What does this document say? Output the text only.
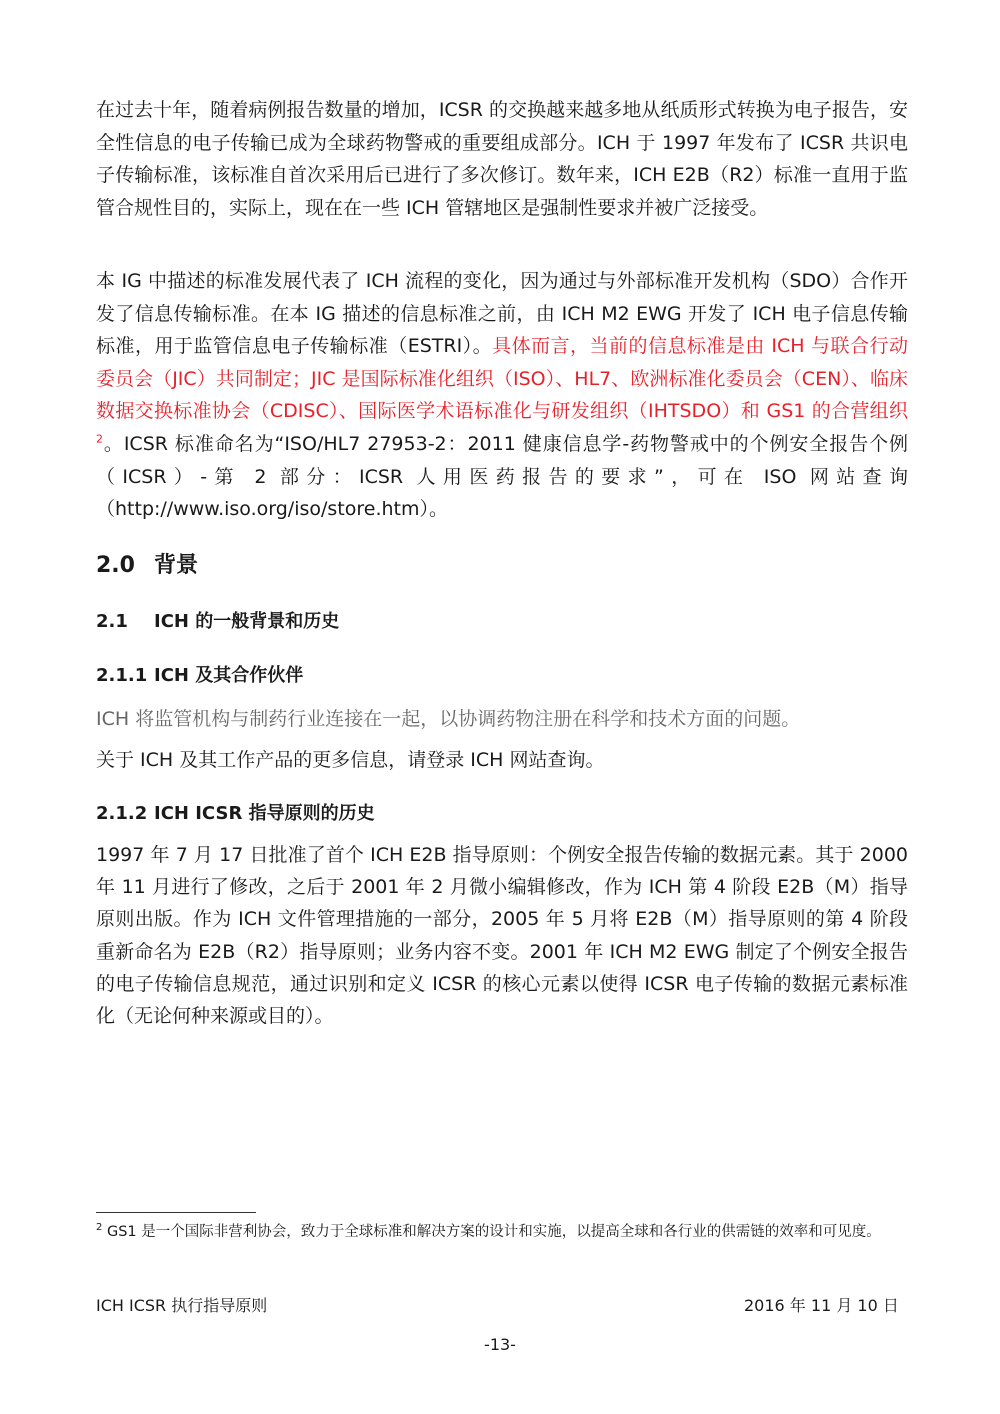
在过去十年，随着病例报告数量的增加，ICSR 的交换越来越多地从纸质形式转换为电子报告，安全性信息的电子传输已成为全球药物警戒的重要组成部分。ICH 于 1997 年发布了 ICSR 共识电子传输标准，该标准自首次采用后已进行了多次修订。数年来，ICH E2B（R2）标准一直用于监管合规性目的，实际上，现在在一些 ICH 管辖地区是强制性要求并被广泛接受。

本 IG 中描述的标准发展代表了 ICH 流程的变化，因为通过与外部标准开发机构（SDO）合作开发了信息传输标准。在本 IG 描述的信息标准之前，由 ICH M2 EWG 开发了 ICH 电子信息传输标准，用于监管信息电子传输标准（ESTRI）。具体而言，当前的信息标准是由 ICH 与联合行动委员会（JIC）共同制定；JIC 是国际标准化组织（ISO）、HL7、欧洲标准化委员会（CEN）、临床数据交换标准协会（CDISC）、国际医学术语标准化与研发组织（IHTSDO）和 GS1 的合营组织$^2$。ICSR 标准命名为“ISO/HL7 27953-2：2011 健康信息学-药物警戒中的个例安全报告个例（ICSR）-第 2 部分：ICSR 人用医药报告的要求”，可在 ISO 网站查询（http://www.iso.org/iso/store.htm）。

2.0 背景
2.1 ICH 的一般背景和历史
2.1.1 ICH 及其合作伙伴

ICH 将监管机构与制药行业连接在一起，以协调药物注册在科学和技术方面的问题。

关于 ICH 及其工作产品的更多信息，请登录 ICH 网站查询。

2.1.2 ICH ICSR 指导原则的历史

1997 年 7 月 17 日批准了首个 ICH E2B 指导原则：个例安全报告传输的数据元素。其于 2000 年 11 月进行了修改，之后于 2001 年 2 月微小编辑修改，作为 ICH 第 4 阶段 E2B（M）指导原则出版。作为 ICH 文件管理措施的一部分，2005 年 5 月将 E2B（M）指导原则的第 4 阶段重新命名为 E2B（R2）指导原则；业务内容不变。2001 年 ICH M2 EWG 制定了个例安全报告的电子传输信息规范，通过识别和定义 ICSR 的核心元素以使得 ICSR 电子传输的数据元素标准化（无论何种来源或目的）。

$^2$ GS1 是一个国际非营利协会，致力于全球标准和解决方案的设计和实施，以提高全球和各行业的供需链的效率和可见度。

ICH ICSR 执行指导原则	2016 年 11 月 10 日
-13-
